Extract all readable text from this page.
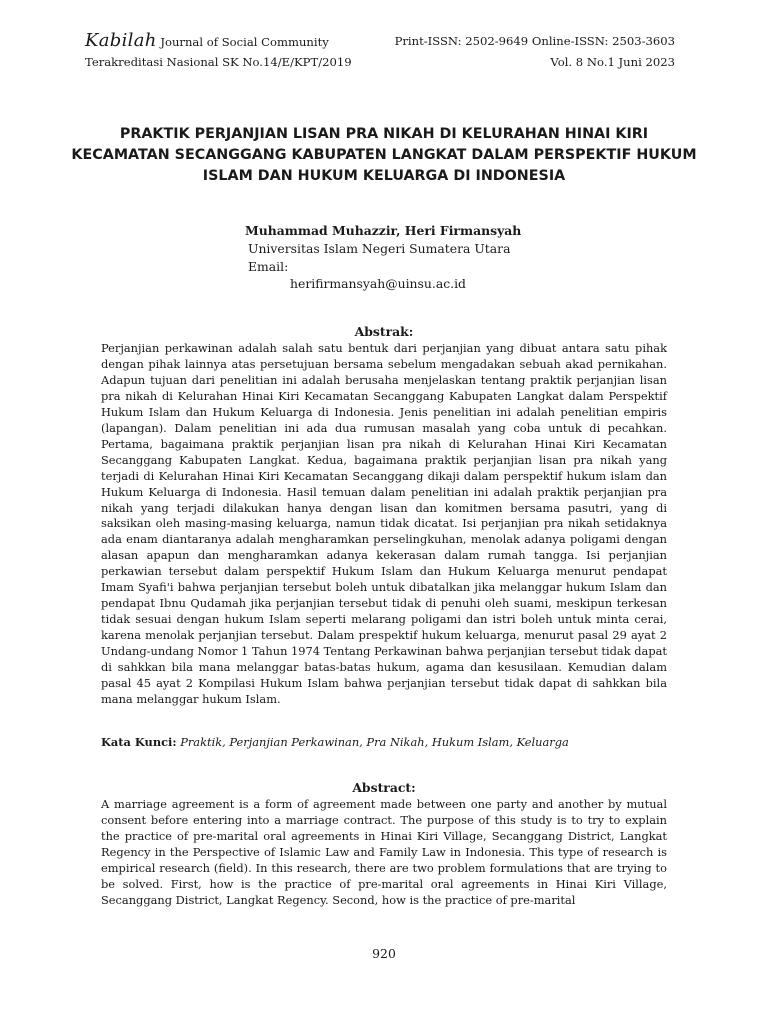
Kabilah Journal of Social Community	Print-ISSN: 2502-9649 Online-ISSN: 2503-3603
Terakreditasi Nasional SK No.14/E/KPT/2019	Vol. 8 No.1 Juni 2023
PRAKTIK PERJANJIAN LISAN PRA NIKAH DI KELURAHAN HINAI KIRI KECAMATAN SECANGGANG KABUPATEN LANGKAT DALAM PERSPEKTIF HUKUM ISLAM DAN HUKUM KELUARGA DI INDONESIA
Muhammad Muhazzir, Heri Firmansyah
Universitas Islam Negeri Sumatera Utara
Email:
herifirmansyah@uinsu.ac.id
Abstrak:

Perjanjian perkawinan adalah salah satu bentuk dari perjanjian yang dibuat antara satu pihak dengan pihak lainnya atas persetujuan bersama sebelum mengadakan sebuah akad pernikahan. Adapun tujuan dari penelitian ini adalah berusaha menjelaskan tentang praktik perjanjian lisan pra nikah di Kelurahan Hinai Kiri Kecamatan Secanggang Kabupaten Langkat dalam Perspektif Hukum Islam dan Hukum Keluarga di Indonesia. Jenis penelitian ini adalah penelitian empiris (lapangan). Dalam penelitian ini ada dua rumusan masalah yang coba untuk di pecahkan. Pertama, bagaimana praktik perjanjian lisan pra nikah di Kelurahan Hinai Kiri Kecamatan Secanggang Kabupaten Langkat. Kedua, bagaimana praktik perjanjian lisan pra nikah yang terjadi di Kelurahan Hinai Kiri Kecamatan Secanggang dikaji dalam perspektif hukum islam dan Hukum Keluarga di Indonesia. Hasil temuan dalam penelitian ini adalah praktik perjanjian pra nikah yang terjadi dilakukan hanya dengan lisan dan komitmen bersama pasutri, yang di saksikan oleh masing-masing keluarga, namun tidak dicatat. Isi perjanjian pra nikah setidaknya ada enam diantaranya adalah mengharamkan perselingkuhan, menolak adanya poligami dengan alasan apapun dan mengharamkan adanya kekerasan dalam rumah tangga. Isi perjanjian perkawian tersebut dalam perspektif Hukum Islam dan Hukum Keluarga menurut pendapat Imam Syafi'i bahwa perjanjian tersebut boleh untuk dibatalkan jika melanggar hukum Islam dan pendapat Ibnu Qudamah jika perjanjian tersebut tidak di penuhi oleh suami, meskipun terkesan tidak sesuai dengan hukum Islam seperti melarang poligami dan istri boleh untuk minta cerai, karena menolak perjanjian tersebut. Dalam prespektif hukum keluarga, menurut pasal 29 ayat 2 Undang-undang Nomor 1 Tahun 1974 Tentang Perkawinan bahwa perjanjian tersebut tidak dapat di sahkkan bila mana melanggar batas-batas hukum, agama dan kesusilaan. Kemudian dalam pasal 45 ayat 2 Kompilasi Hukum Islam bahwa perjanjian tersebut tidak dapat di sahkkan bila mana melanggar hukum Islam.

Kata Kunci: Praktik, Perjanjian Perkawinan, Pra Nikah, Hukum Islam, Keluarga
Abstract:

A marriage agreement is a form of agreement made between one party and another by mutual consent before entering into a marriage contract. The purpose of this study is to try to explain the practice of pre-marital oral agreements in Hinai Kiri Village, Secanggang District, Langkat Regency in the Perspective of Islamic Law and Family Law in Indonesia. This type of research is empirical research (field). In this research, there are two problem formulations that are trying to be solved. First, how is the practice of pre-marital oral agreements in Hinai Kiri Village, Secanggang District, Langkat Regency. Second, how is the practice of pre-marital

920
